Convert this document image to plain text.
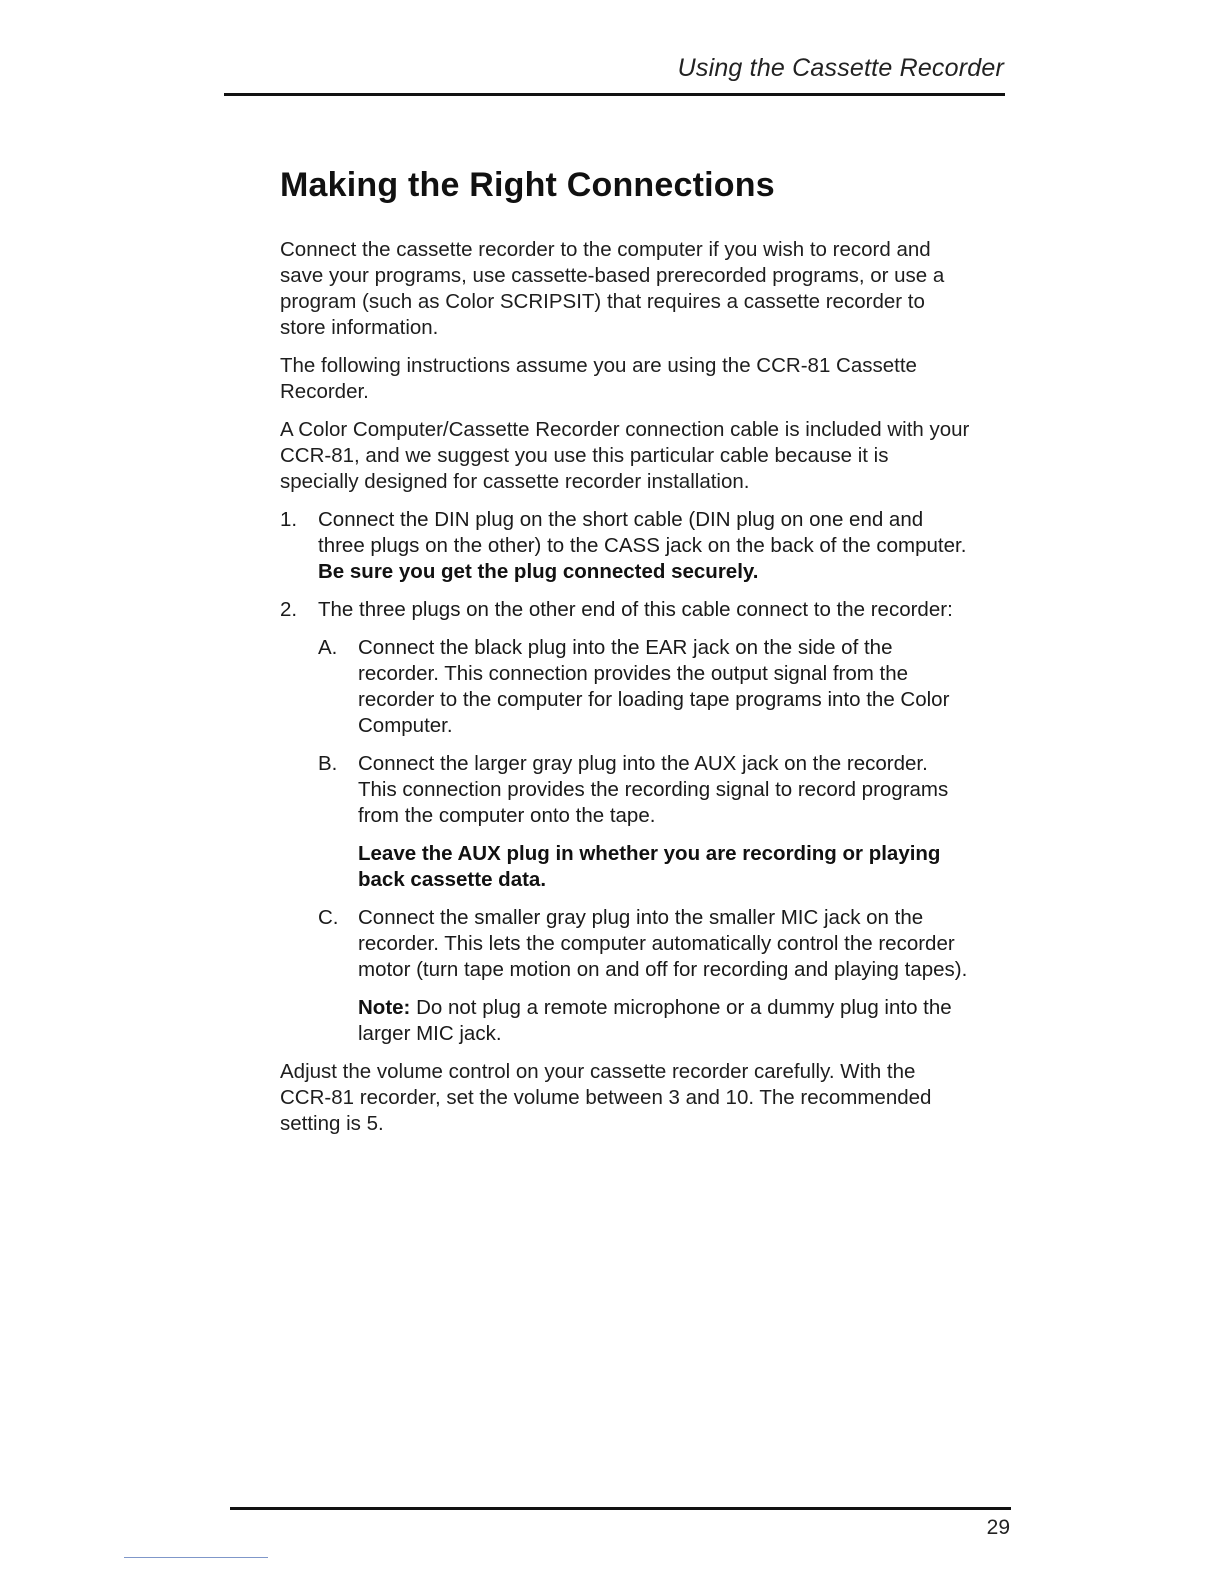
Using the Cassette Recorder
Making the Right Connections

Connect the cassette recorder to the computer if you wish to record and save your programs, use cassette-based prerecorded programs, or use a program (such as Color SCRIPSIT) that requires a cassette recorder to store information.

The following instructions assume you are using the CCR-81 Cassette Recorder.

A Color Computer/Cassette Recorder connection cable is included with your CCR-81, and we suggest you use this particular cable because it is specially designed for cassette recorder installation.

1. Connect the DIN plug on the short cable (DIN plug on one end and three plugs on the other) to the CASS jack on the back of the computer. Be sure you get the plug connected securely.
2. The three plugs on the other end of this cable connect to the recorder:
A. Connect the black plug into the EAR jack on the side of the recorder. This connection provides the output signal from the recorder to the computer for loading tape programs into the Color Computer.
B. Connect the larger gray plug into the AUX jack on the recorder. This connection provides the recording signal to record programs from the computer onto the tape.
Leave the AUX plug in whether you are recording or playing back cassette data.
C. Connect the smaller gray plug into the smaller MIC jack on the recorder. This lets the computer automatically control the recorder motor (turn tape motion on and off for recording and playing tapes).
Note: Do not plug a remote microphone or a dummy plug into the larger MIC jack.

Adjust the volume control on your cassette recorder carefully. With the CCR-81 recorder, set the volume between 3 and 10. The recommended setting is 5.

29
